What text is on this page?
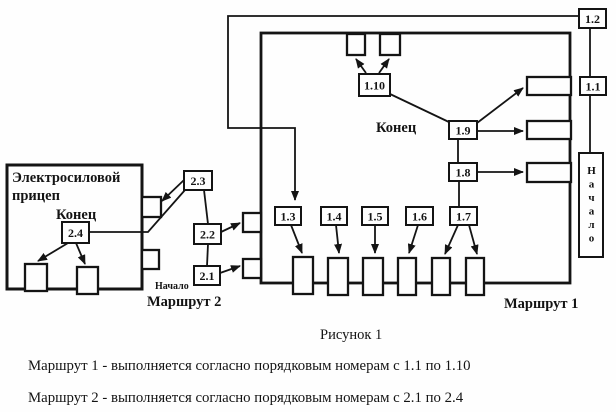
1.2
1.1
1.10
1.9
1.8
1.7
1.6
1.5
1.4
1.3
2.3
2.2
2.1
2.4
Электросиловой
прицеп
Конец
Конец
Начало
Маршрут 2	Маршрут 1
Рисунок 1
Маршрут 1 - выполняется согласно порядковым номерам с 1.1 по 1.10
Маршрут 2 - выполняется согласно порядковым номерам с 2.1 по 2.4
Начало
